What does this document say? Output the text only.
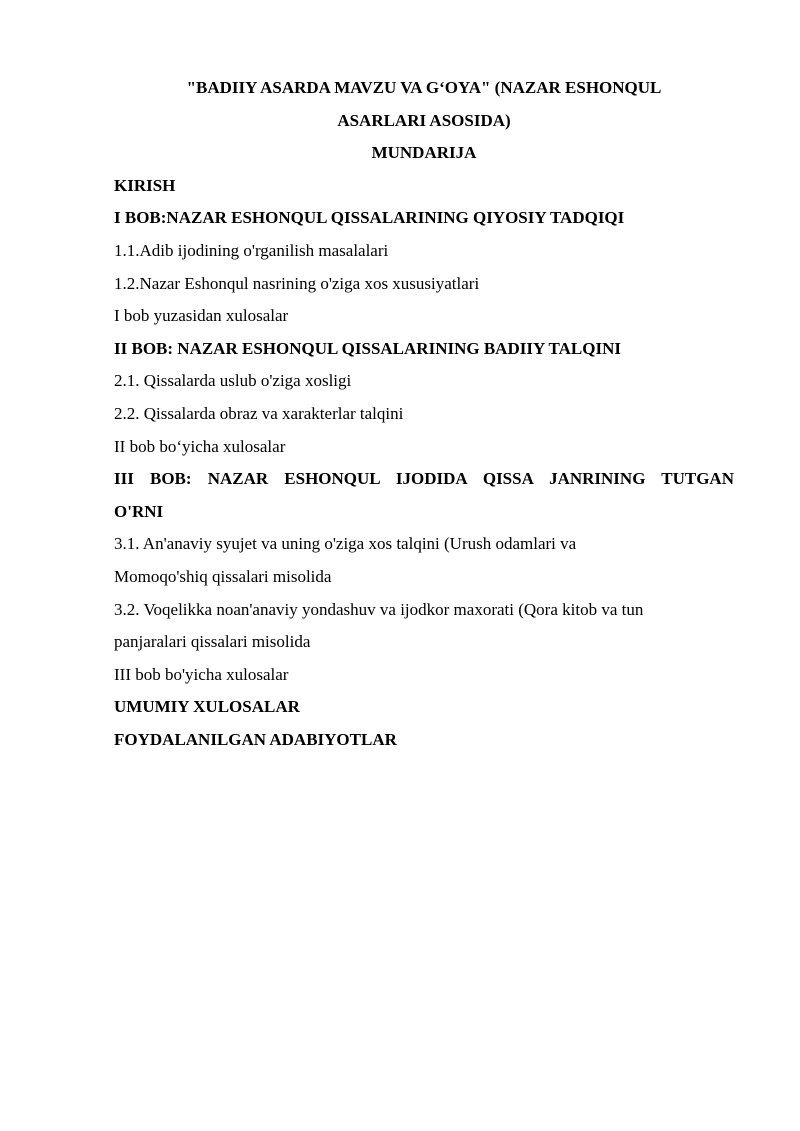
"BADIIY ASARDA MAVZU VA G‘OYA" (NAZAR ESHONQUL

ASARLARI ASOSIDA)

MUNDARIJA

KIRISH

I BOB:NAZAR ESHONQUL QISSALARINING QIYOSIY TADQIQI

1.1.Adib ijodining o'rganilish masalalari

1.2.Nazar Eshonqul nasrining o'ziga xos xususiyatlari

I bob yuzasidan xulosalar

II BOB: NAZAR ESHONQUL QISSALARINING BADIIY TALQINI

2.1. Qissalarda uslub o'ziga xosligi

2.2. Qissalarda obraz va xarakterlar talqini

II bob bo‘yicha xulosalar

III BOB: NAZAR ESHONQUL IJODIDA QISSA JANRINING TUTGAN

O'RNI

3.1. An'anaviy syujet va uning o'ziga xos talqini (Urush odamlari va

Momoqo'shiq qissalari misolida

3.2. Voqelikka noan'anaviy yondashuv va ijodkor maxorati (Qora kitob va tun

panjaralari qissalari misolida

III bob bo'yicha xulosalar

UMUMIY XULOSALAR

FOYDALANILGAN ADABIYOTLAR
